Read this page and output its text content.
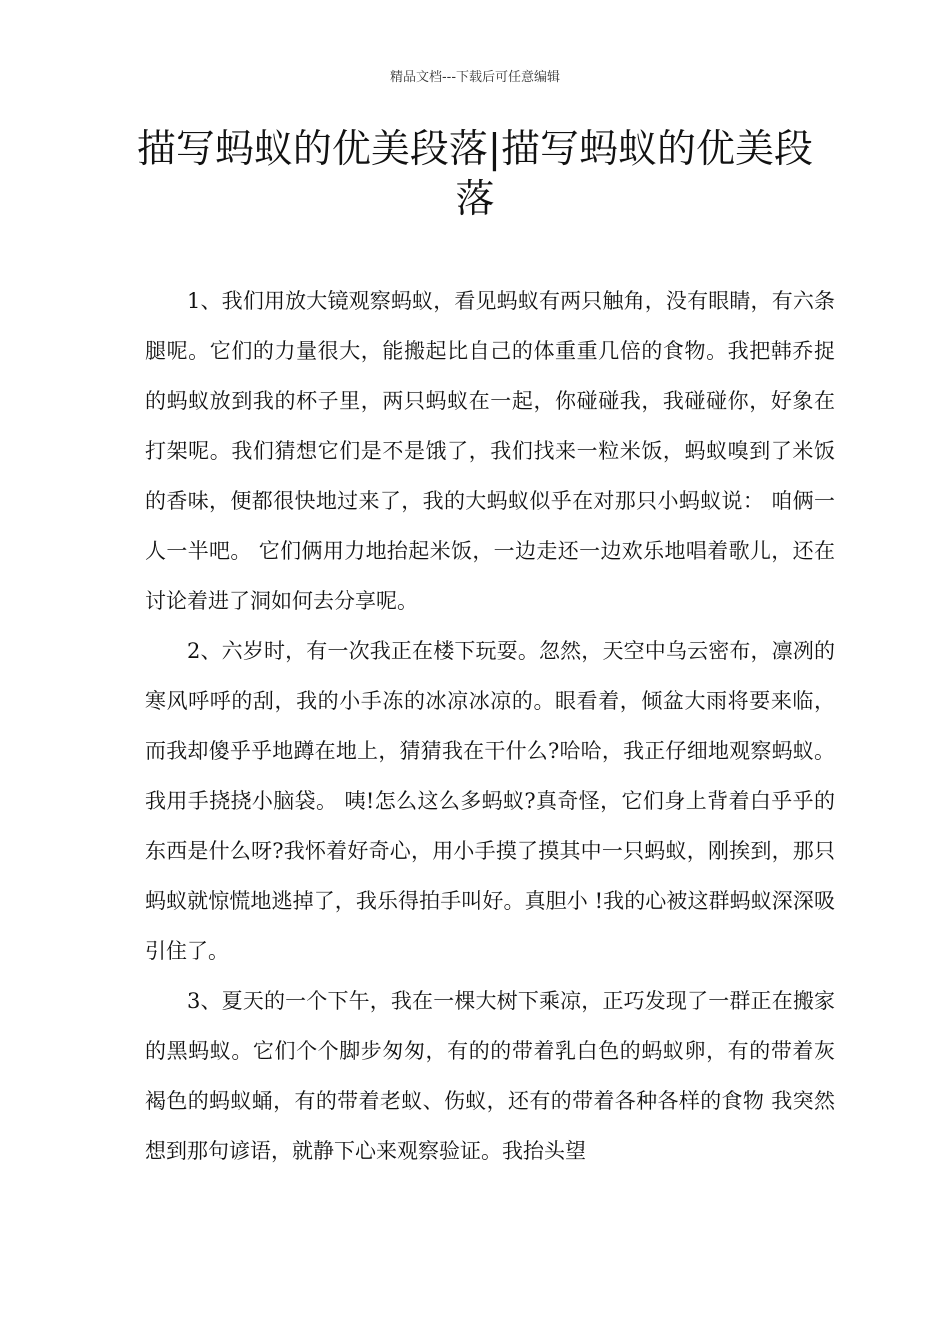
精品文档---下载后可任意编辑
描写蚂蚁的优美段落|描写蚂蚁的优美段落

1、我们用放大镜观察蚂蚁，看见蚂蚁有两只触角，没有眼睛，有六条腿呢。它们的力量很大，能搬起比自己的体重重几倍的食物。我把韩乔捉的蚂蚁放到我的杯子里，两只蚂蚁在一起，你碰碰我，我碰碰你，好象在打架呢。我们猜想它们是不是饿了，我们找来一粒米饭，蚂蚁嗅到了米饭的香味，便都很快地过来了，我的大蚂蚁似乎在对那只小蚂蚁说： 咱俩一人一半吧。 它们俩用力地抬起米饭，一边走还一边欢乐地唱着歌儿，还在讨论着进了洞如何去分享呢。

2、六岁时，有一次我正在楼下玩耍。忽然，天空中乌云密布，凛冽的寒风呼呼的刮，我的小手冻的冰凉冰凉的。眼看着，倾盆大雨将要来临，而我却傻乎乎地蹲在地上，猜猜我在干什么?哈哈，我正仔细地观察蚂蚁。我用手挠挠小脑袋。 咦!怎么这么多蚂蚁?真奇怪，它们身上背着白乎乎的东西是什么呀?我怀着好奇心，用小手摸了摸其中一只蚂蚁，刚挨到，那只蚂蚁就惊慌地逃掉了，我乐得拍手叫好。真胆小 !我的心被这群蚂蚁深深吸引住了。

3、夏天的一个下午，我在一棵大树下乘凉，正巧发现了一群正在搬家的黑蚂蚁。它们个个脚步匆匆，有的的带着乳白色的蚂蚁卵，有的带着灰褐色的蚂蚁蛹，有的带着老蚁、伤蚁，还有的带着各种各样的食物 我突然想到那句谚语，就静下心来观察验证。我抬头望
